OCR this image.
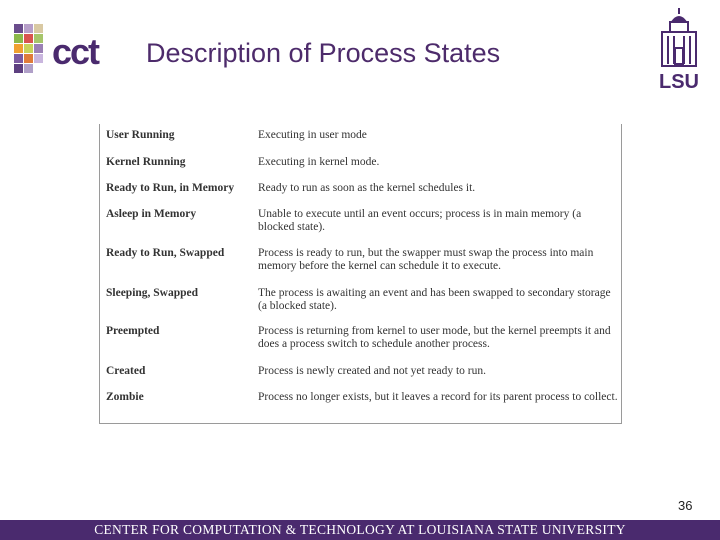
cct Description of Process States
LSU
User Running	Executing in user mode
Kernel Running	Executing in kernel mode.
Ready to Run, in Memory	Ready to run as soon as the kernel schedules it.
Asleep in Memory	Unable to execute until an event occurs; process is in main memory (a blocked state).
Ready to Run, Swapped	Process is ready to run, but the swapper must swap the process into main memory before the kernel can schedule it to execute.
Sleeping, Swapped	The process is awaiting an event and has been swapped to secondary storage (a blocked state).
Preempted	Process is returning from kernel to user mode, but the kernel preempts it and does a process switch to schedule another process.
Created	Process is newly created and not yet ready to run.
Zombie	Process no longer exists, but it leaves a record for its parent process to collect.
36
CENTER FOR COMPUTATION & TECHNOLOGY AT LOUISIANA STATE UNIVERSITY
